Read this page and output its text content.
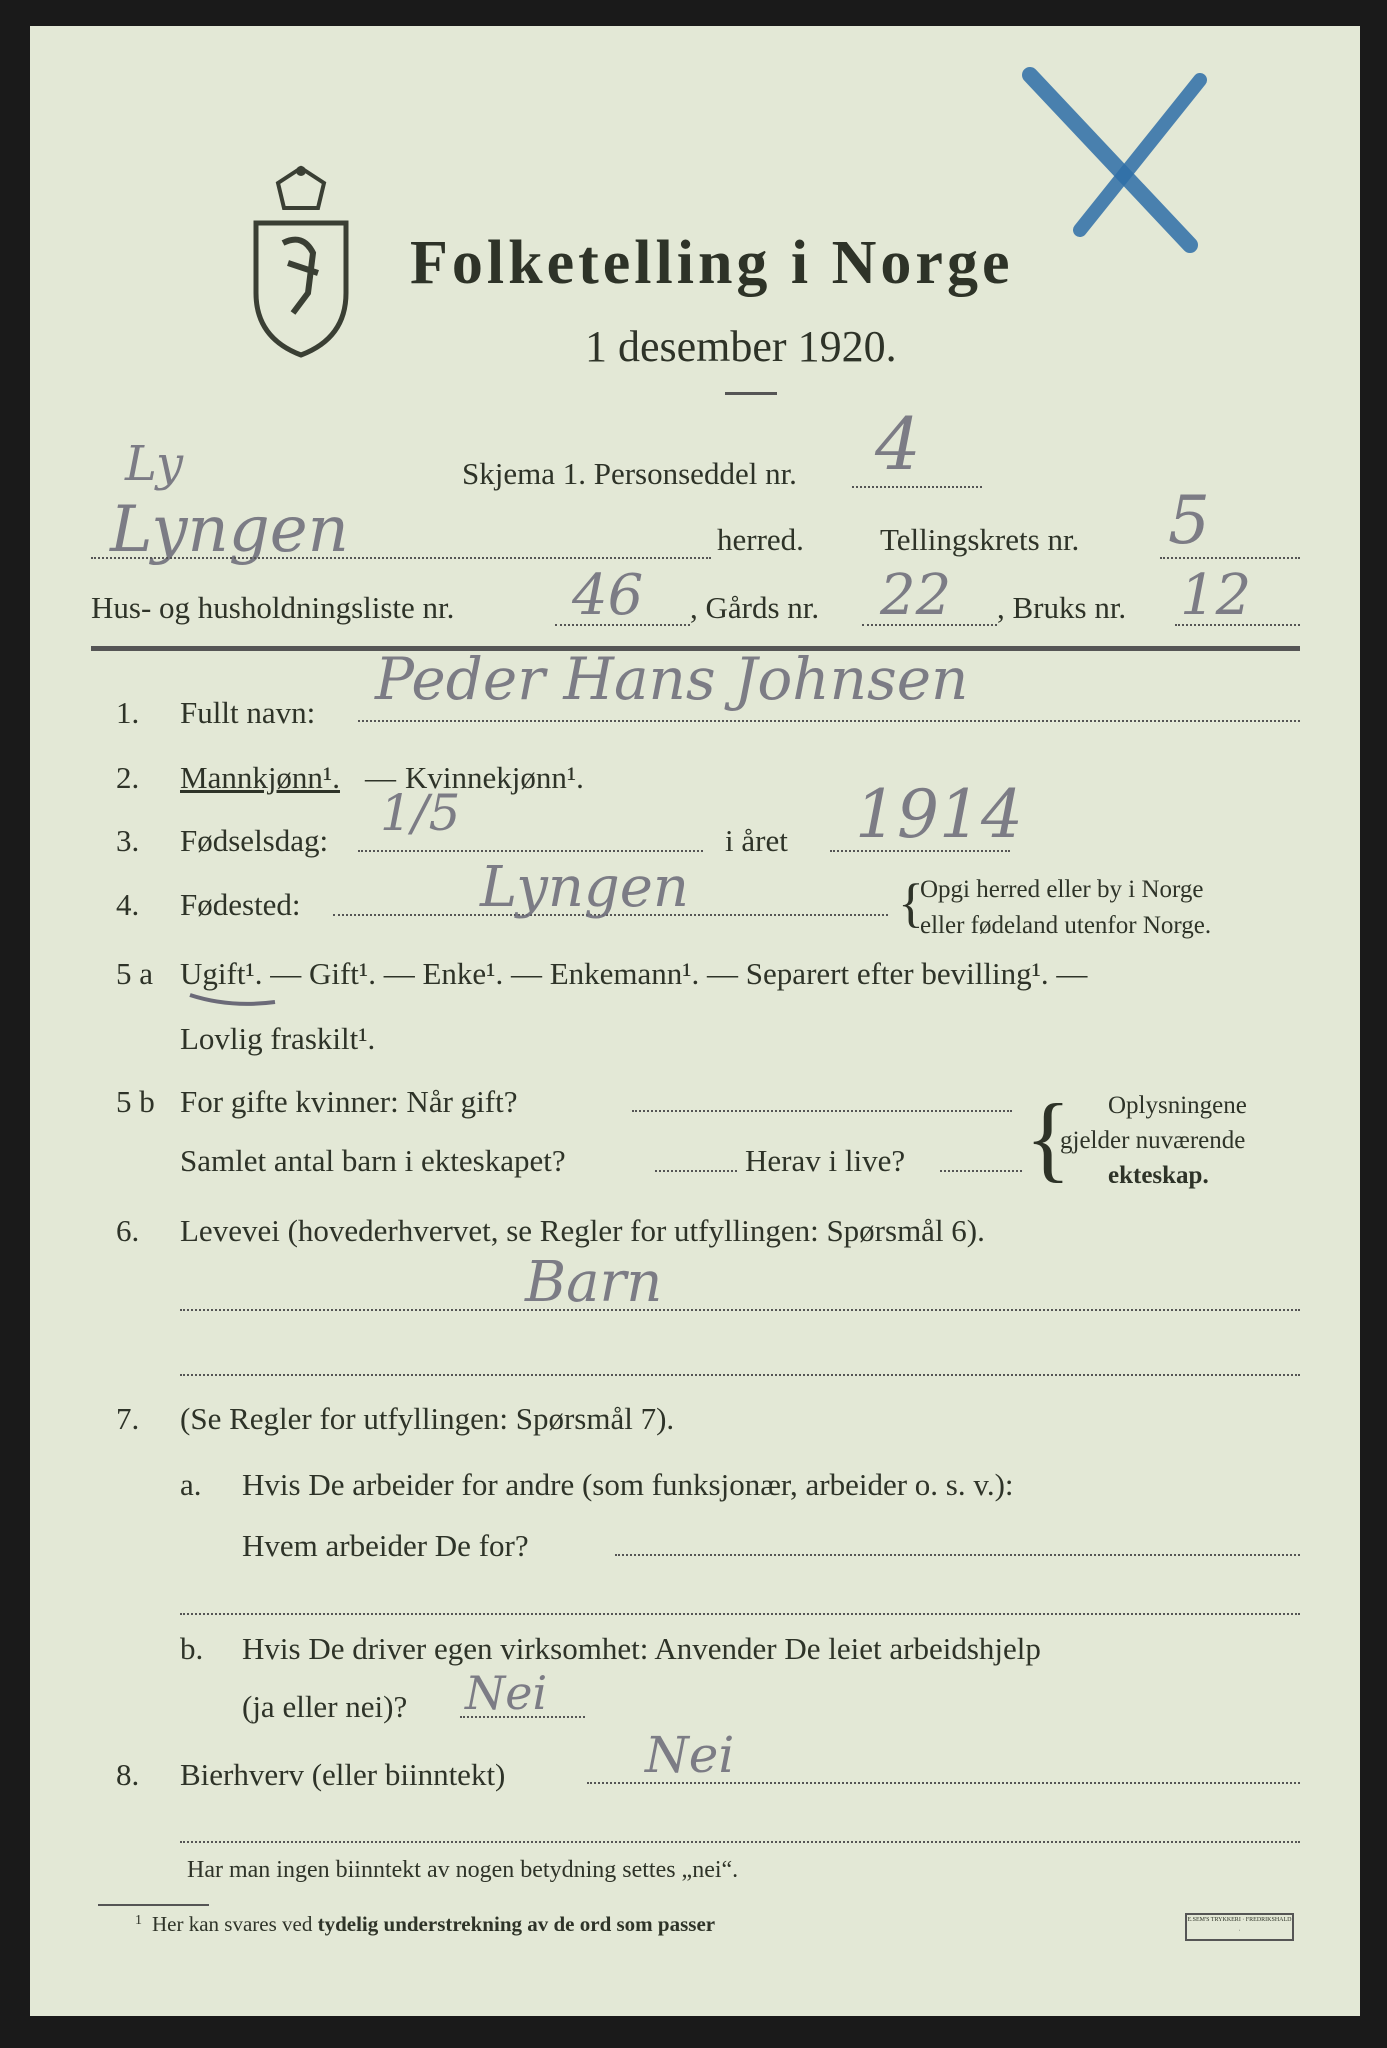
Folketelling i Norge
1 desember 1920.
Skjema 1. Personseddel nr. 4
Ly
Lyngen	herred. Tellingskrets nr. 5
Hus- og husholdningsliste nr. 46 , Gårds nr. 22 , Bruks nr. 12
1. Fullt navn: Peder Hans Johnsen
2. Mannkjønn¹. — Kvinnekjønn¹.
3. Fødselsdag: 1/5	i året 1914
4. Fødested:	Lyngen	{
Opgi herred eller by i Norge
eller fødeland utenfor Norge.
5 a Ugift¹. — Gift¹. — Enke¹. — Enkemann¹. — Separert efter bevilling¹. —
Lovlig fraskilt¹.
5 b For gifte kvinner: Når gift?
Samlet antal barn i ekteskapet?	Herav i live? { Oplysningene
gjelder nuværende
ekteskap.
6. Levevei (hovederhvervet, se Regler for utfyllingen: Spørsmål 6).
Barn
7. (Se Regler for utfyllingen: Spørsmål 7).
a. Hvis De arbeider for andre (som funksjonær, arbeider o. s. v.):
Hvem arbeider De for?
b. Hvis De driver egen virksomhet: Anvender De leiet arbeidshjelp
(ja eller nei)? Nei
8. Bierhverv (eller biinntekt)	Nei
Har man ingen biinntekt av nogen betydning settes „nei“.
$^1$ Her kan svares ved tydelig understrekning av de ord som passer	E.SEM'S TRYKKERI · FREDRIKSHALD ·
